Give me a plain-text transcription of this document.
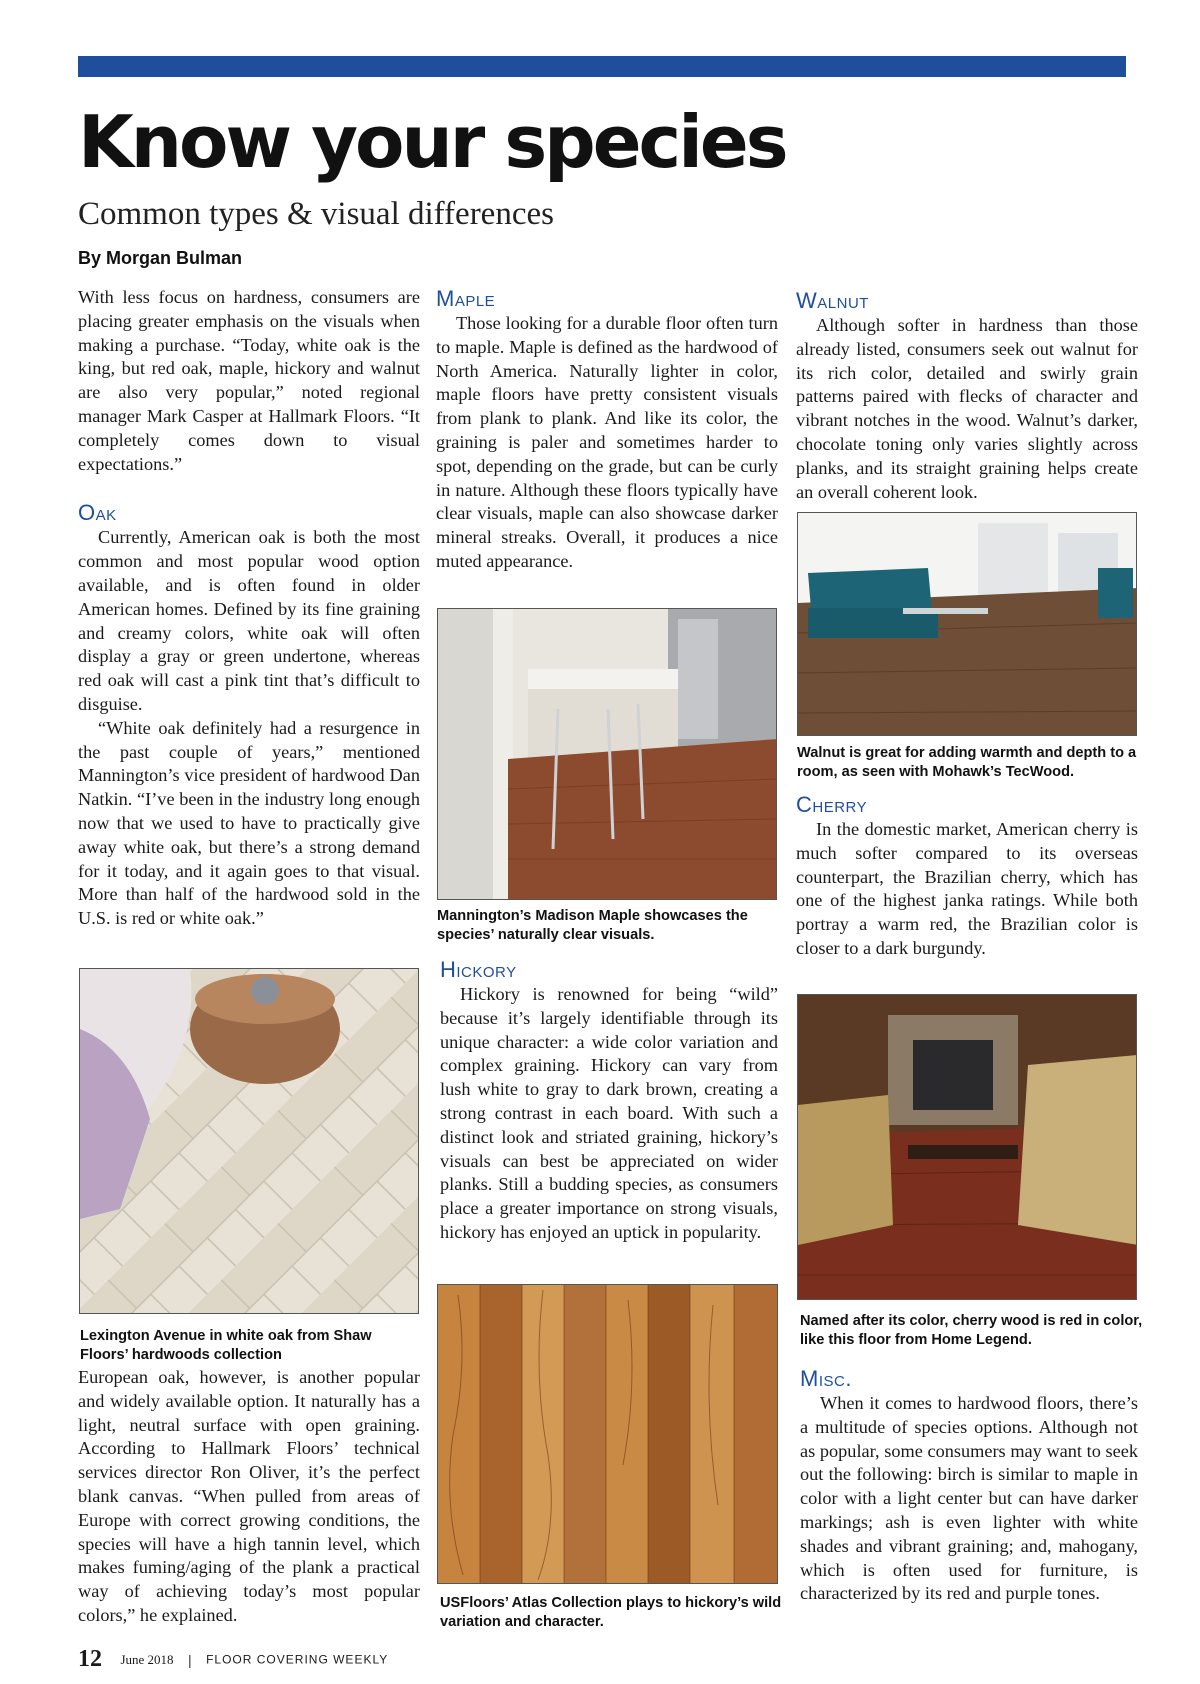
Know your species
Common types & visual differences
By Morgan Bulman

With less focus on hardness, consumers are placing greater emphasis on the visuals when making a purchase. “Today, white oak is the king, but red oak, maple, hickory and walnut are also very popular,” noted regional manager Mark Casper at Hallmark Floors. “It completely comes down to visual expectations.”

Oak

Currently, American oak is both the most common and most popular wood option available, and is often found in older American homes. Defined by its fine graining and creamy colors, white oak will often display a gray or green undertone, whereas red oak will cast a pink tint that’s difficult to disguise.

“White oak definitely had a resurgence in the past couple of years,” mentioned Mannington’s vice president of hardwood Dan Natkin. “I’ve been in the industry long enough now that we used to have to practically give away white oak, but there’s a strong demand for it today, and it again goes to that visual. More than half of the hardwood sold in the U.S. is red or white oak.”

Lexington Avenue in white oak from Shaw Floors’ hardwoods collection

European oak, however, is another popular and widely available option. It naturally has a light, neutral surface with open graining. According to Hallmark Floors’ technical services director Ron Oliver, it’s the perfect blank canvas. “When pulled from areas of Europe with correct growing conditions, the species will have a high tannin level, which makes fuming/aging of the plank a practical way of achieving today’s most popular colors,” he explained.

Maple

Those looking for a durable floor often turn to maple. Maple is defined as the hardwood of North America. Naturally lighter in color, maple floors have pretty consistent visuals from plank to plank. And like its color, the graining is paler and sometimes harder to spot, depending on the grade, but can be curly in nature. Although these floors typically have clear visuals, maple can also showcase darker mineral streaks. Overall, it produces a nice muted appearance.

Mannington’s Madison Maple showcases the species’ naturally clear visuals.
Hickory

Hickory is renowned for being “wild” because it’s largely identifiable through its unique character: a wide color variation and complex graining. Hickory can vary from lush white to gray to dark brown, creating a strong contrast in each board. With such a distinct look and striated graining, hickory’s visuals can best be appreciated on wider planks. Still a budding species, as consumers place a greater importance on strong visuals, hickory has enjoyed an uptick in popularity.

USFloors’ Atlas Collection plays to hickory’s wild variation and character.
Walnut

Although softer in hardness than those already listed, consumers seek out walnut for its rich color, detailed and swirly grain patterns paired with flecks of character and vibrant notches in the wood. Walnut’s darker, chocolate toning only varies slightly across planks, and its straight graining helps create an overall coherent look.

Walnut is great for adding warmth and depth to a room, as seen with Mohawk’s TecWood.
Cherry

In the domestic market, American cherry is much softer compared to its overseas counterpart, the Brazilian cherry, which has one of the highest janka ratings. While both portray a warm red, the Brazilian color is closer to a dark burgundy.

Named after its color, cherry wood is red in color, like this floor from Home Legend.
Misc.

When it comes to hardwood floors, there’s a multitude of species options. Although not as popular, some consumers may want to seek out the following: birch is similar to maple in color with a light center but can have darker markings; ash is even lighter with white shades and vibrant graining; and, mahogany, which is often used for furniture, is characterized by its red and purple tones.

12 June 2018 | FLOOR COVERING WEEKLY
